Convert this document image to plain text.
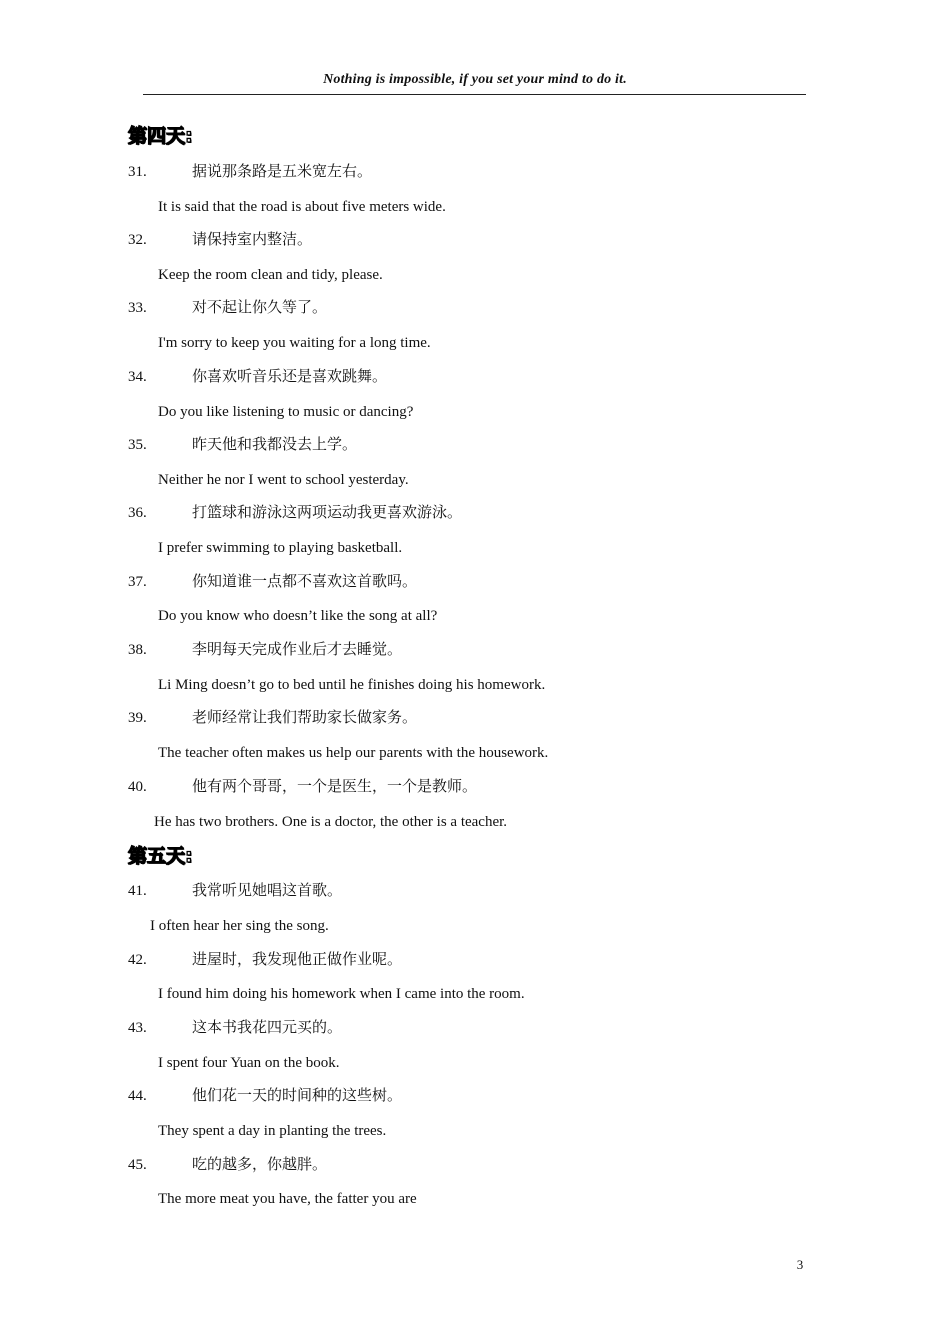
Nothing is impossible, if you set your mind to do it.
第四天:
31.	据说那条路是五米宽左右。
It is said that the road is about five meters wide.
32.	请保持室内整洁。
Keep the room clean and tidy, please.
33.	对不起让你久等了。
I'm sorry to keep you waiting for a long time.
34.	你喜欢听音乐还是喜欢跳舞。
Do you like listening to music or dancing?
35.	昨天他和我都没去上学。
Neither he nor I went to school yesterday.
36.	打篮球和游泳这两项运动我更喜欢游泳。
I prefer swimming to playing basketball.
37.	你知道谁一点都不喜欢这首歌吗。
Do you know who doesn’t like the song at all?
38.	李明每天完成作业后才去睡觉。
Li Ming doesn’t go to bed until he finishes doing his homework.
39.	老师经常让我们帮助家长做家务。
The teacher often makes us help our parents with the housework.
40.	他有两个哥哥，一个是医生，一个是教师。
He has two brothers. One is a doctor, the other is a teacher.
第五天:
41.	我常听见她唱这首歌。
I often hear her sing the song.
42.	进屋时，我发现他正做作业呢。
I found him doing his homework when I came into the room.
43.	这本书我花四元买的。
I spent four Yuan on the book.
44.	他们花一天的时间种的这些树。
They spent a day in planting the trees.
45.	吃的越多，你越胖。
The more meat you have, the fatter you are
3
